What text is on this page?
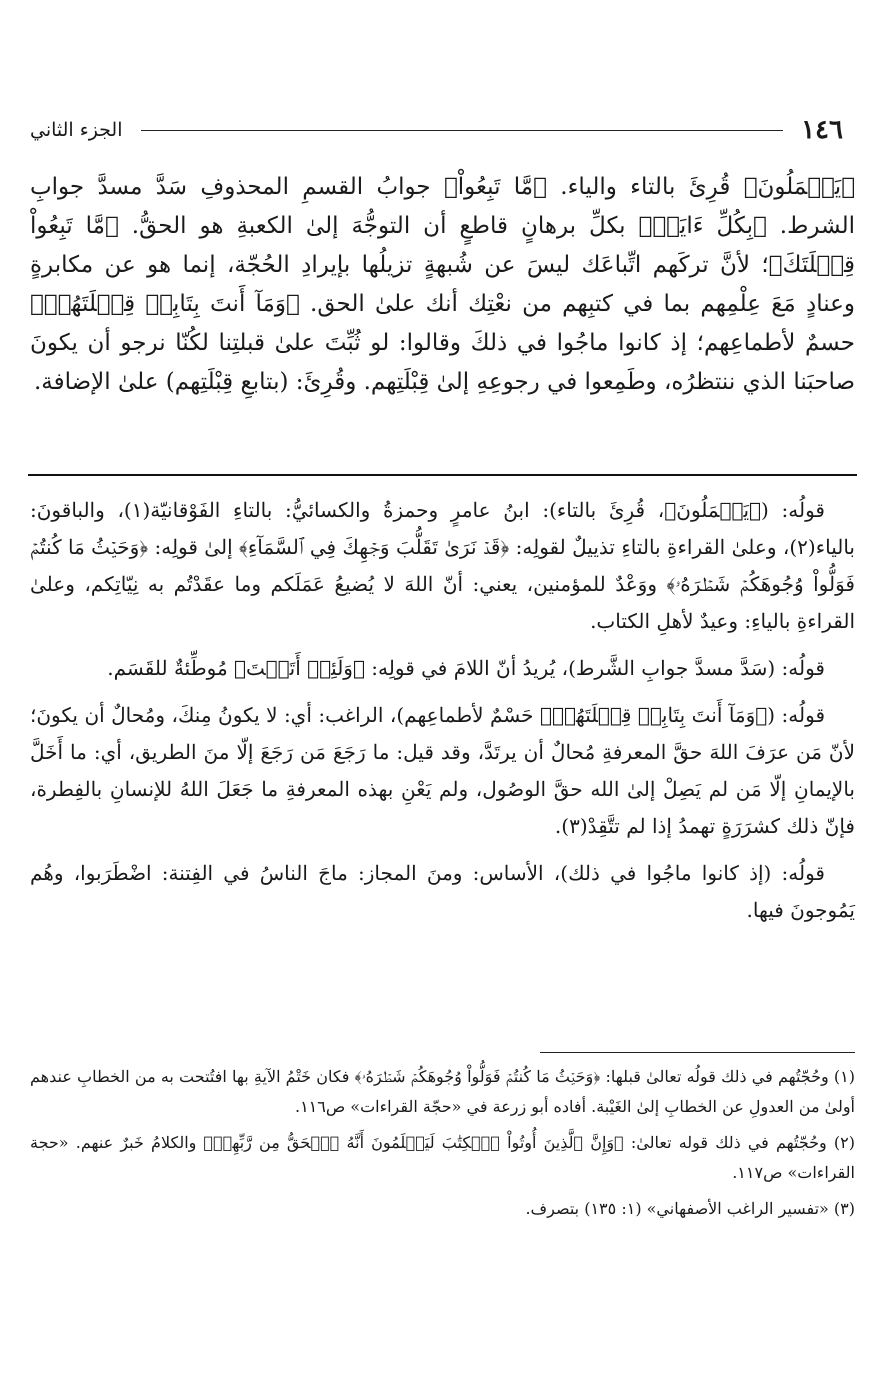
١٤٦
الجزء الثاني

﴿يَعۡمَلُونَ﴾ قُرِئَ بالتاء والياء. ﴿مَّا تَبِعُواْ﴾ جوابُ القسمِ المحذوفِ سَدَّ مسدَّ جوابِ الشرط. ﴿بِكُلِّ ءَايَةٖ﴾ بكلِّ برهانٍ قاطعٍ أن التوجُّهَ إلىٰ الكعبةِ هو الحقُّ. ﴿مَّا تَبِعُواْ قِبۡلَتَكَ﴾؛ لأنَّ تركَهم اتِّباعَك ليسَ عن شُبهةٍ تزيلُها بإيرادِ الحُجّة، إنما هو عن مكابرةٍ وعنادٍ مَعَ عِلْمِهم بما في كتبِهم من نعْتِك أنك علىٰ الحق. ﴿وَمَآ أَنتَ بِتَابِعٖ قِبۡلَتَهُمۡ﴾ حسمٌ لأطماعِهم؛ إذ كانوا ماجُوا في ذلكَ وقالوا: لو ثُبِّتَ علىٰ قبلتِنا لكُنّا نرجو أن يكونَ صاحبَنا الذي ننتظرُه، وطَمِعوا في رجوعِهِ إلىٰ قِبْلَتِهم. وقُرِئَ: (بتابعِ قِبْلَتِهم) علىٰ الإضافة.

قولُه: (﴿يَعۡمَلُونَ﴾، قُرِئَ بالتاء): ابنُ عامرٍ وحمزةُ والكسائيُّ: بالتاءِ الفَوْقانيّة(١)، والباقونَ: بالياء(٢)، وعلىٰ القراءةِ بالتاءِ تذييلٌ لقولِه: ﴿قَدۡ نَرَىٰ تَقَلُّبَ وَجۡهِكَ فِي ٱلسَّمَآءِ﴾ إلىٰ قولِه: ﴿وَحَيۡثُ مَا كُنتُمۡ فَوَلُّواْ وُجُوهَكُمۡ شَطۡرَهُۥ﴾ ووَعْدٌ للمؤمنين، يعني: أنّ اللهَ لا يُضيعُ عَمَلَكم وما عقَدْتُم به نِيّاتِكم، وعلىٰ القراءةِ بالياءِ: وعيدٌ لأهلِ الكتاب.

قولُه: (سَدَّ مسدَّ جوابِ الشَّرط)، يُريدُ أنّ اللامَ في قولِه: ﴿وَلَئِنۡ أَتَيۡتَ﴾ مُوطِّئةٌ للقَسَم.

قولُه: (﴿وَمَآ أَنتَ بِتَابِعٖ قِبۡلَتَهُمۡ﴾ حَسْمٌ لأطماعِهم)، الراغب: أي: لا يكونُ مِنكَ، ومُحالٌ أن يكونَ؛ لأنّ مَن عرَفَ اللهَ حقَّ المعرفةِ مُحالٌ أن يرتَدَّ، وقد قيل: ما رَجَعَ مَن رَجَعَ إلّا منَ الطريق، أي: ما أَخَلَّ بالإيمانِ إلّا مَن لم يَصِلْ إلىٰ الله حقَّ الوصُول، ولم يَعْنِ بهذه المعرفةِ ما جَعَلَ اللهُ للإنسانِ بالفِطرة، فإنّ ذلك كشرَرَةٍ تهمدُ إذا لم تتَّقِدْ(٣).

قولُه: (إذ كانوا ماجُوا في ذلك)، الأساس: ومنَ المجاز: ماجَ الناسُ في الفِتنة: اضْطَرَبوا، وهُم يَمُوجونَ فيها.

(١) وحُجّتُهم في ذلك قولُه تعالىٰ قبلها: ﴿وَحَيۡثُ مَا كُنتُمۡ فَوَلُّواْ وُجُوهَكُمۡ شَطۡرَهُۥ﴾ فكان خَتْمُ الآيةِ بها افتُتحت به من الخطابِ عندهم أولىٰ من العدولِ عن الخطابِ إلىٰ الغَيْبة. أفاده أبو زرعة في «حجّة القراءات» ص١١٦.

(٢) وحُجّتُهم في ذلك قوله تعالىٰ: ﴿وَإِنَّ ٱلَّذِينَ أُوتُواْ ٱلۡكِتَٰبَ لَيَعۡلَمُونَ أَنَّهُ ٱلۡحَقُّ مِن رَّبِّهِمۡ﴾ والكلامُ خَبرٌ عنهم. «حجة القراءات» ص١١٧.

(٣) «تفسير الراغب الأصفهاني» (١: ١٣٥) بتصرف.
